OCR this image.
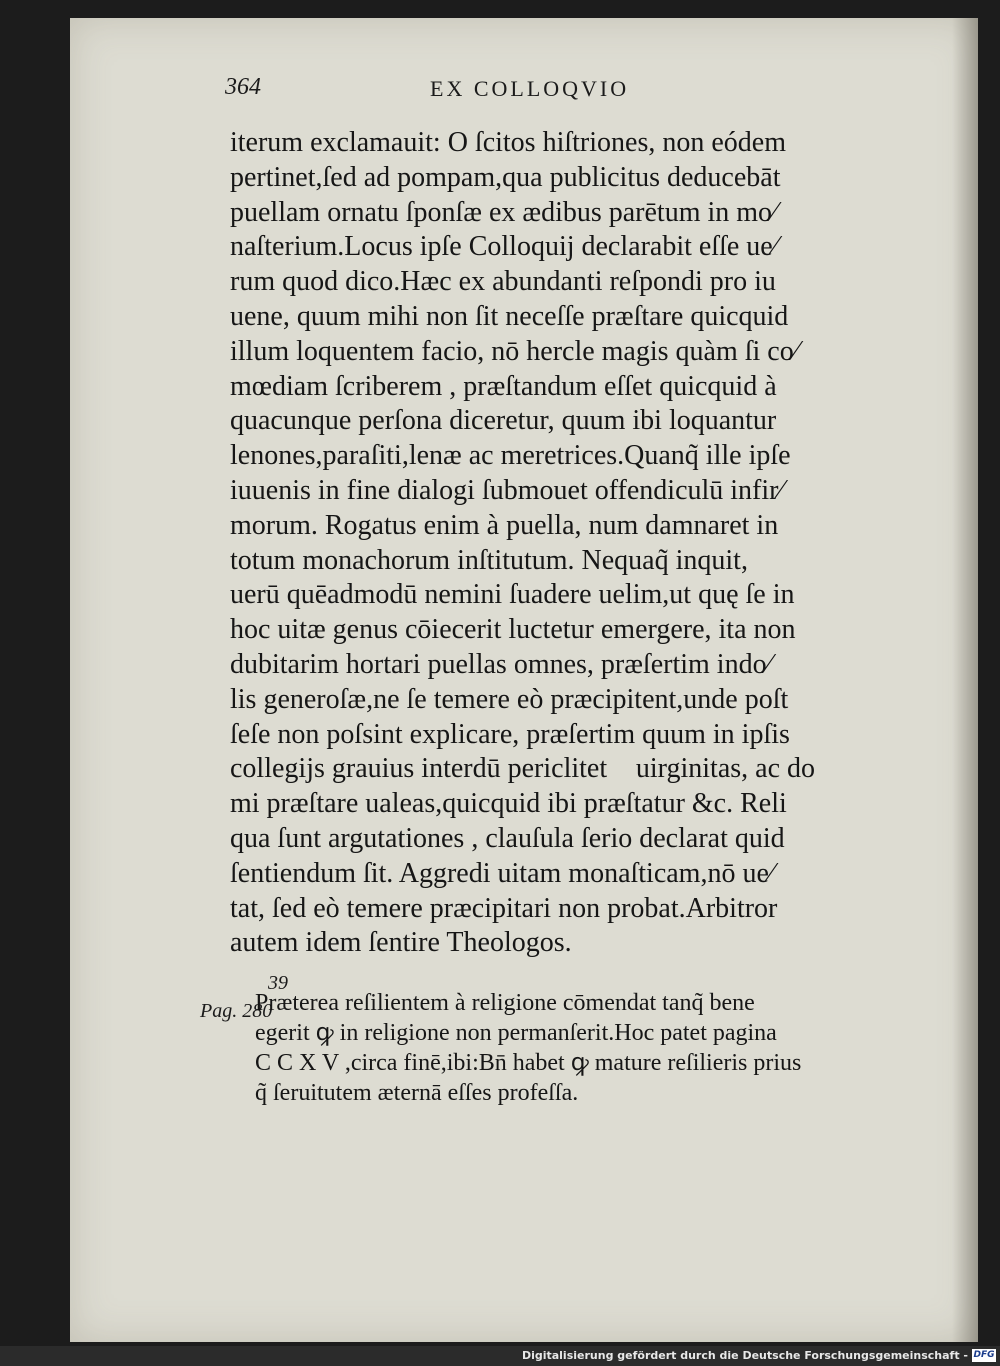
364	EX COLLOQVIO
iterum exclamauit: O ſcitos hiſtriones, non eódem
pertinet,ſed ad pompam,qua publicitus deducebāt
puellam ornatu ſponſæ ex ædibus parētum in mo⁄
naſterium.Locus ipſe Colloquij declarabit eſſe ue⁄
rum quod dico.Hæc ex abundanti reſpondi pro iu
uene, quum mihi non ſit neceſſe præſtare quicquid
illum loquentem facio, nō hercle magis quàm ſi co⁄
mœdiam ſcriberem , præſtandum eſſet quicquid à
quacunque perſona diceretur, quum ibi loquantur
lenones,paraſiti,lenæ ac meretrices.Quanq̃ ille ipſe
iuuenis in fine dialogi ſubmouet offendiculū infir⁄
morum. Rogatus enim à puella, num damnaret in
totum monachorum inſtitutum. Nequaq̃ inquit,
uerū quēadmodū nemini ſuadere uelim,ut quę ſe in
hoc uitæ genus cōiecerit luctetur emergere, ita non
dubitarim hortari puellas omnes, præſertim indo⁄
lis generoſæ,ne ſe temere eò præcipitent,unde poſt
ſeſe non poſsint explicare, præſertim quum in ipſis
collegijs grauius interdū periclitet᷑ uirginitas, ac do
mi præſtare ualeas,quicquid ibi præſtatur &c. Reli
qua ſunt argutationes , clauſula ſerio declarat quid
ſentiendum ſit. Aggredi uitam monaſticam,nō ue⁄
tat, ſed eò temere præcipitari non probat.Arbitror
autem idem ſentire Theologos.
39
Pag. 280
Præterea reſilientem à religione cōmendat tanq̃ bene
egerit ꝙ in religione non permanſerit.Hoc patet pagina
C C X V ,circa finē,ibi:Bn̄ habet ꝙ mature reſilieris prius
q̃ ſeruitutem æternā eſſes profeſſa.
Digitalisierung gefördert durch die Deutsche Forschungsgemeinschaft - DFG
